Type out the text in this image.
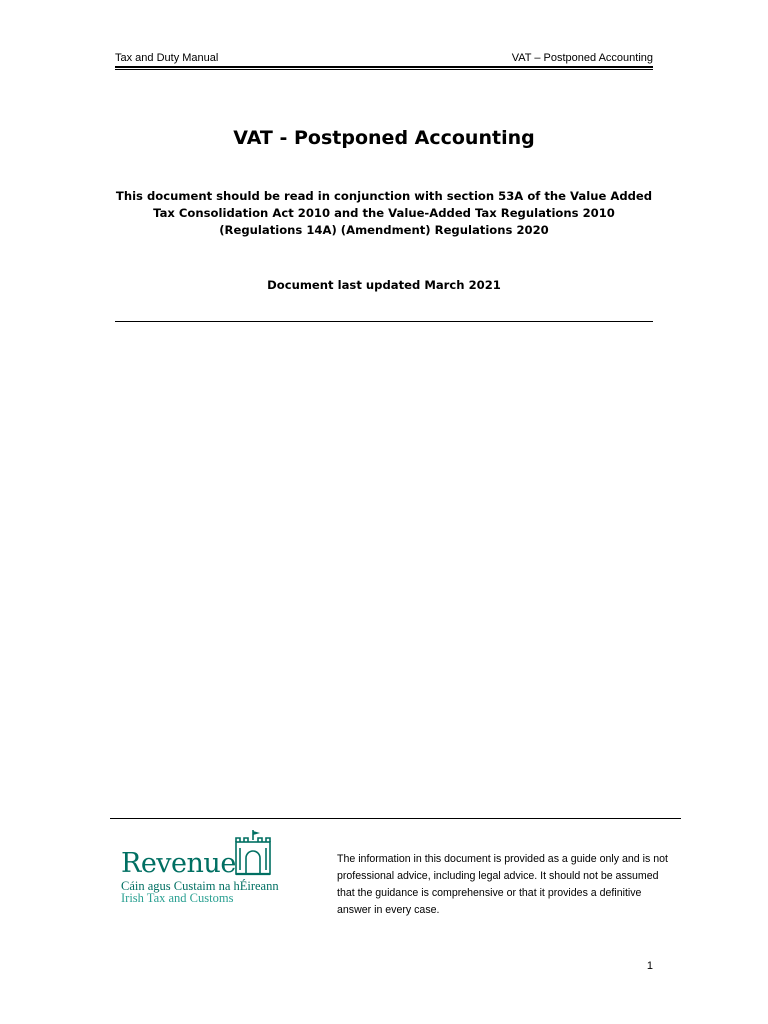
Tax and Duty Manual	VAT – Postponed Accounting
VAT - Postponed Accounting

This document should be read in conjunction with section 53A of the Value Added Tax Consolidation Act 2010 and the Value-Added Tax Regulations 2010 (Regulations 14A) (Amendment) Regulations 2020

Document last updated March 2021

Revenue
Cáin agus Custaim na hÉireann
Irish Tax and Customs

The information in this document is provided as a guide only and is not professional advice, including legal advice. It should not be assumed that the guidance is comprehensive or that it provides a definitive answer in every case.

1
